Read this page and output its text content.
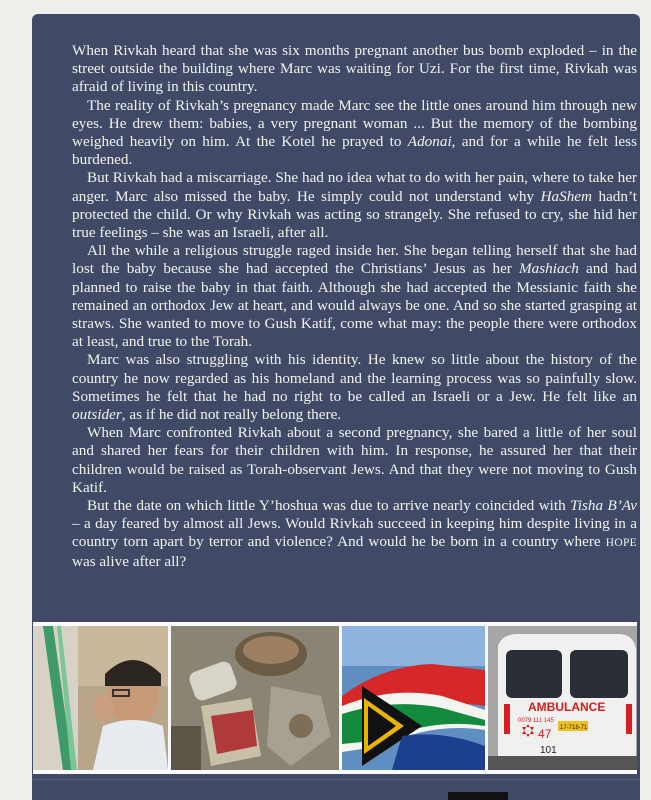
When Rivkah heard that she was six months pregnant another bus bomb exploded – in the street outside the building where Marc was waiting for Uzi. For the first time, Rivkah was afraid of living in this country.

The reality of Rivkah’s pregnancy made Marc see the little ones around him through new eyes. He drew them: babies, a very pregnant woman ... But the memory of the bombing weighed heavily on him. At the Kotel he prayed to Adonai, and for a while he felt less burdened.

But Rivkah had a miscarriage. She had no idea what to do with her pain, where to take her anger. Marc also missed the baby. He simply could not understand why HaShem hadn’t protected the child. Or why Rivkah was acting so strangely. She refused to cry, she hid her true feelings – she was an Israeli, after all.

All the while a religious struggle raged inside her. She began telling herself that she had lost the baby because she had accepted the Christians’ Jesus as her Mashiach and had planned to raise the baby in that faith. Although she had accepted the Messianic faith she remained an orthodox Jew at heart, and would always be one. And so she started grasping at straws. She wanted to move to Gush Katif, come what may: the people there were orthodox at least, and true to the Torah.

Marc was also struggling with his identity. He knew so little about the history of the country he now regarded as his homeland and the learning process was so painfully slow. Sometimes he felt that he had no right to be called an Israeli or a Jew. He felt like an outsider, as if he did not really belong there.

When Marc confronted Rivkah about a second pregnancy, she bared a little of her soul and shared her fears for their children with him. In response, he assured her that their children would be raised as Torah-observant Jews. And that they were not moving to Gush Katif.

But the date on which little Y’hoshua was due to arrive nearly coincided with Tisha B’Av – a day feared by almost all Jews. Would Rivkah succeed in keeping him despite living in a country torn apart by terror and violence? And would he be born in a country where HOPE was alive after all?

AMBULANCE
0079 111 145
47 17-718-71
101
